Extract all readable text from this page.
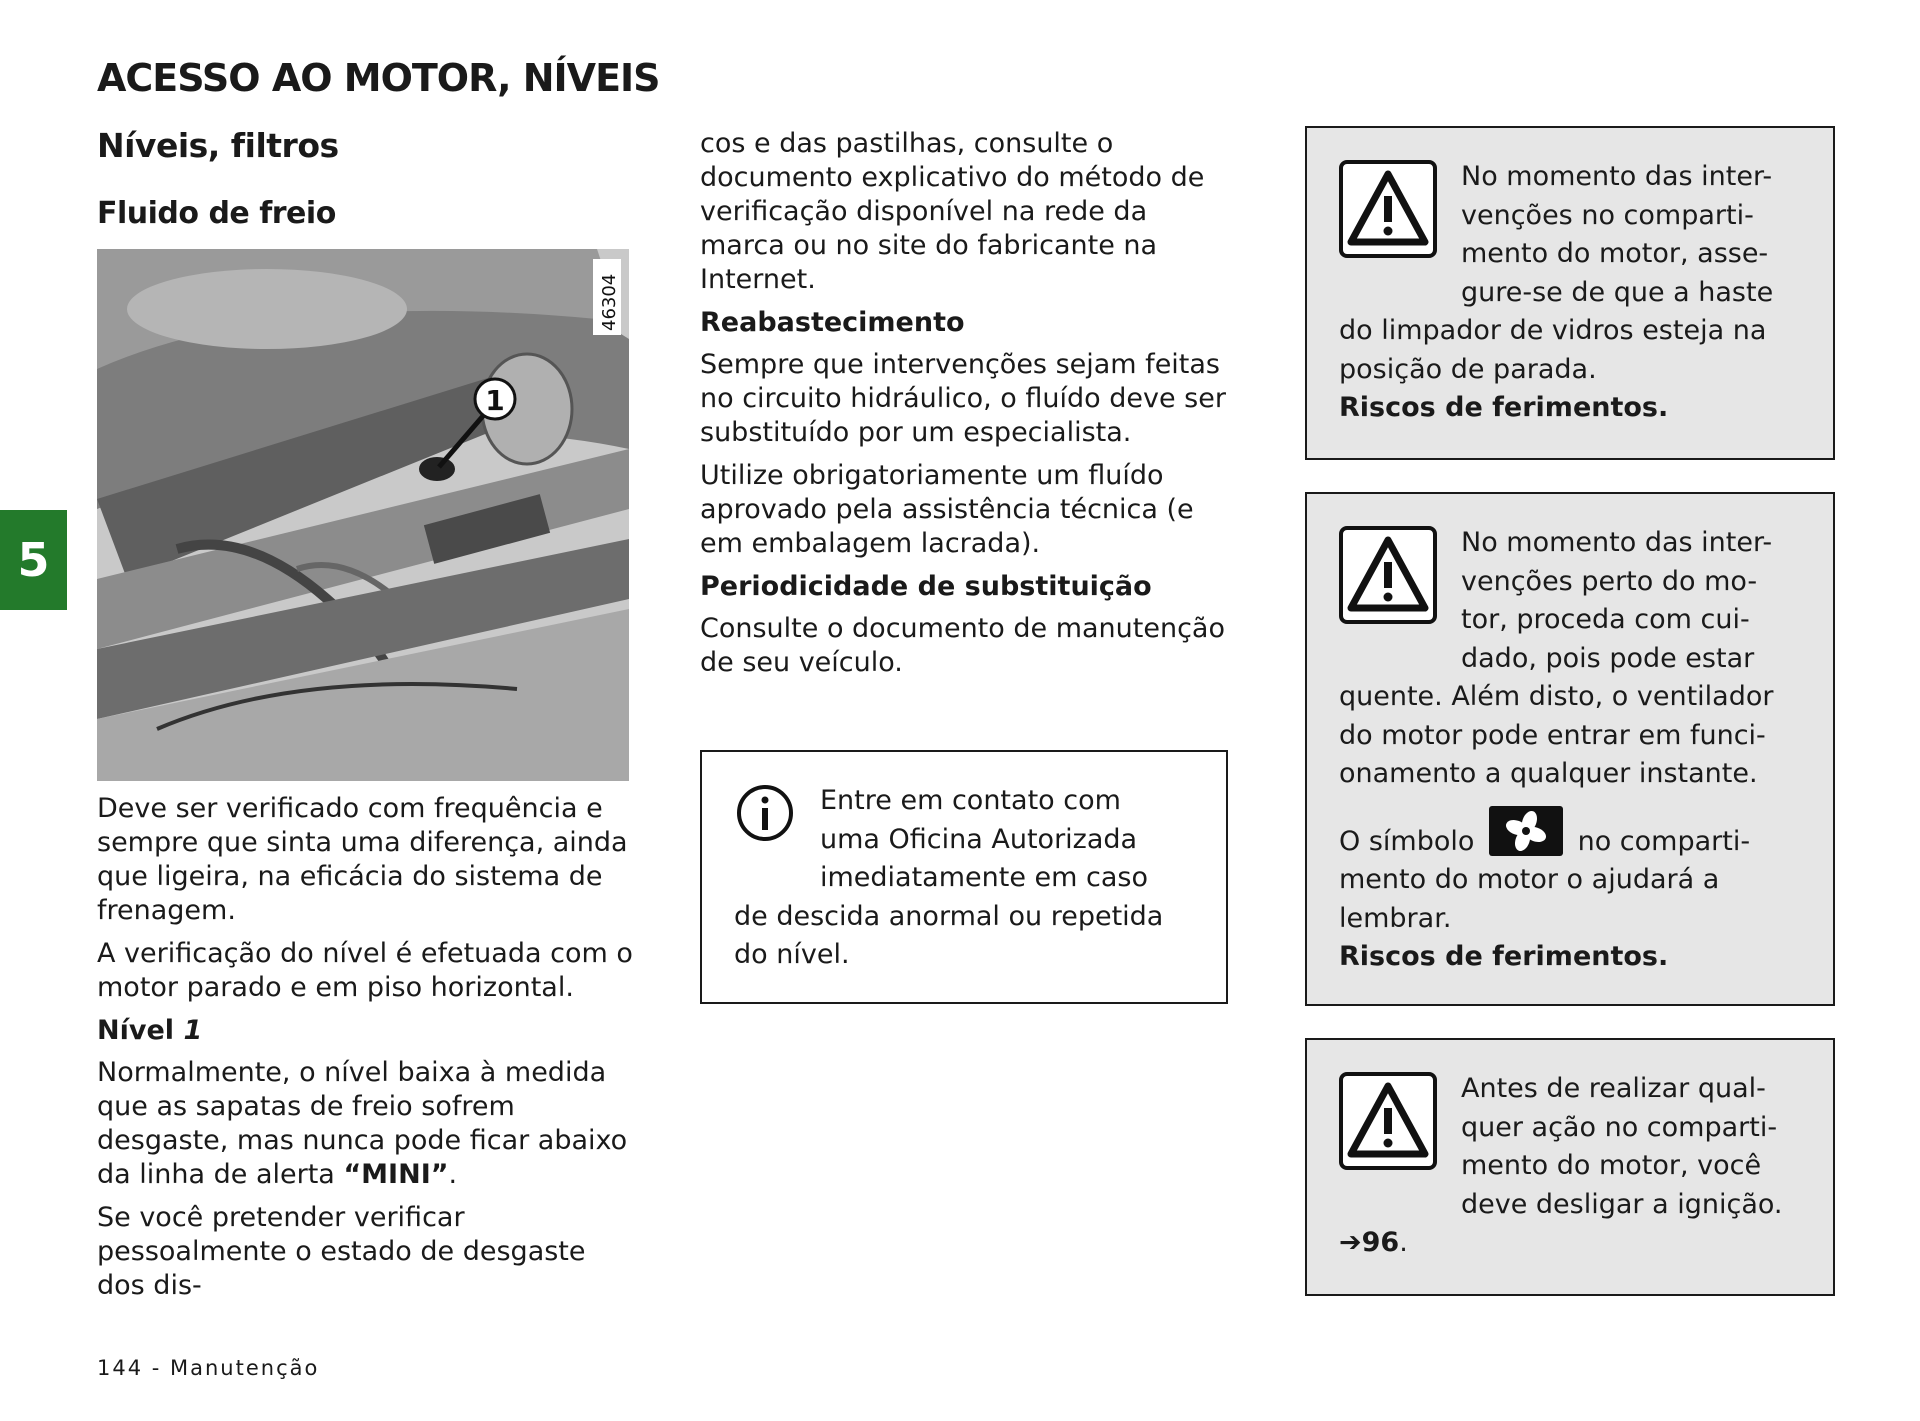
ACESSO AO MOTOR, NÍVEIS
Níveis, filtros
Fluido de freio
5
1
46304

Deve ser verificado com frequência e sempre que sinta uma diferença, ainda que ligeira, na eficácia do sistema de frenagem.

A verificação do nível é efetuada com o motor parado e em piso horizontal.

Nível 1

Normalmente, o nível baixa à medida que as sapatas de freio sofrem desgaste, mas nunca pode ficar abaixo da linha de alerta “MINI”.

Se você pretender verificar pessoalmente o estado de desgaste dos dis-

cos e das pastilhas, consulte o documento explicativo do método de verificação disponível na rede da marca ou no site do fabricante na Internet.

Reabastecimento

Sempre que intervenções sejam feitas no circuito hidráulico, o fluído deve ser substituído por um especialista.

Utilize obrigatoriamente um fluído aprovado pela assistência técnica (e em embalagem lacrada).

Periodicidade de substituição

Consulte o documento de manutenção de seu veículo.

Entre em contato com

uma Oficina Autorizada

imediatamente em caso

de descida anormal ou repetida

do nível.

No momento das inter-

venções no comparti-

mento do motor, asse-

gure-se de que a haste

do limpador de vidros esteja na

posição de parada.

Riscos de ferimentos.

No momento das inter-

venções perto do mo-

tor, proceda com cui-

dado, pois pode estar

quente. Além disto, o ventilador

do motor pode entrar em funci-

onamento a qualquer instante.

O símbolo	no comparti-

mento do motor o ajudará a

lembrar.

Riscos de ferimentos.

Antes de realizar qual-

quer ação no comparti-

mento do motor, você

deve desligar a ignição.

➔96.

144 - Manutenção
